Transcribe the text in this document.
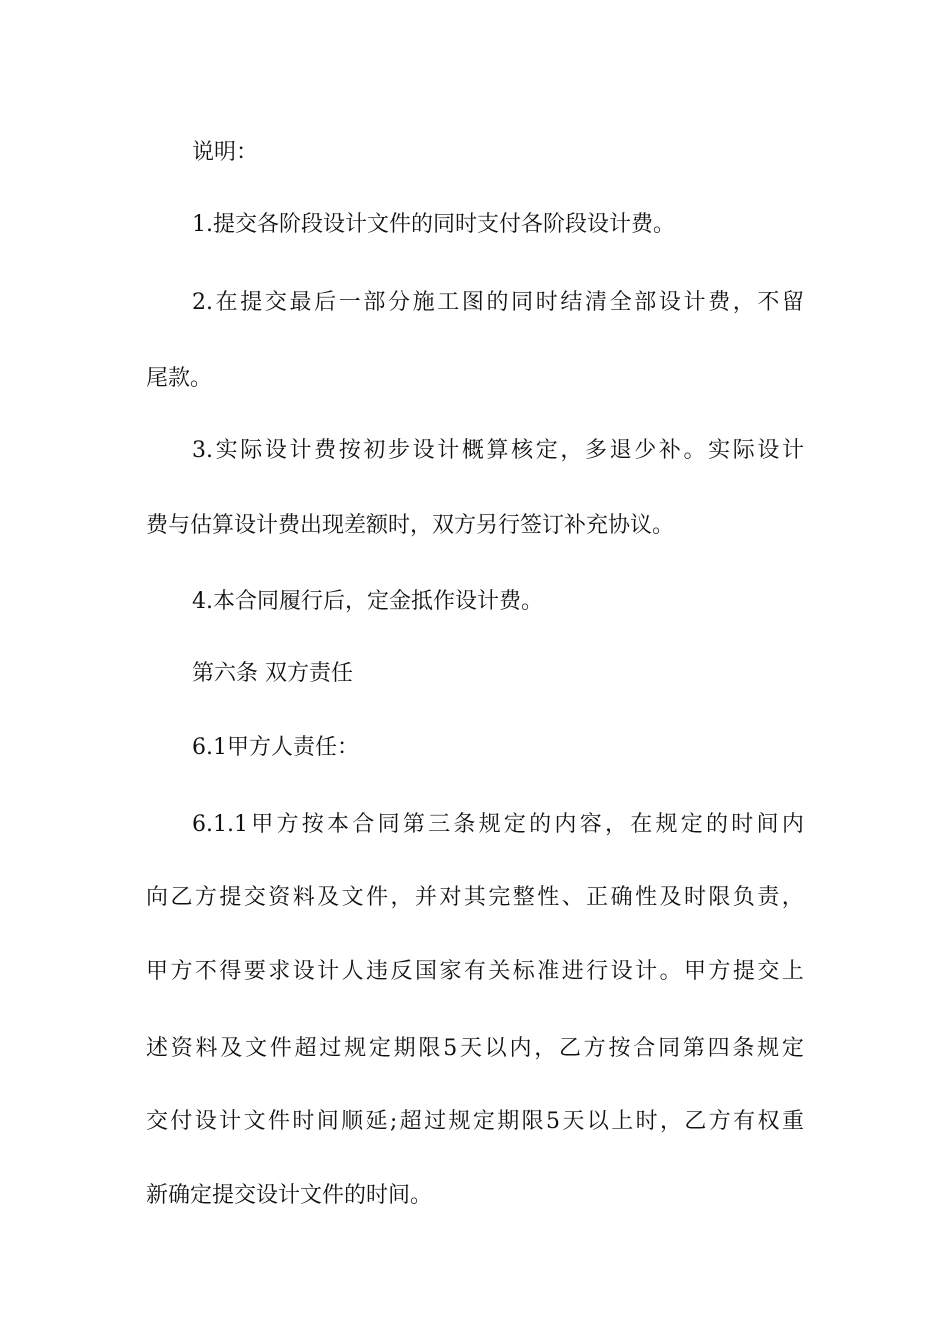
说明：
1.提交各阶段设计文件的同时支付各阶段设计费。
2. 在 提 交 最 后 一 部 分 施 工 图 的 同 时 结 清 全 部 设 计 费 ， 不 留
尾款。
3. 实 际 设 计 费 按 初 步 设 计 概 算 核 定 ， 多 退 少 补 。 实 际 设 计
费与估算设计费出现差额时，双方另行签订补充协议。
4.本合同履行后，定金抵作设计费。
第六条 双方责任
6.1甲方人责任：
6.1.1 甲 方 按 本 合 同 第 三 条 规 定 的 内 容 ， 在 规 定 的 时 间 内
向 乙 方 提 交 资 料 及 文 件 ， 并 对 其 完 整 性 、 正 确 性 及 时 限 负 责 ，
甲 方 不 得 要 求 设 计 人 违 反 国 家 有 关 标 准 进 行 设 计 。 甲 方 提 交 上
述 资 料 及 文 件 超 过 规 定 期 限 5 天 以 内 ， 乙 方 按 合 同 第 四 条 规 定
交 付 设 计 文 件 时 间 顺 延 ; 超 过 规 定 期 限 5 天 以 上 时 ， 乙 方 有 权 重
新确定提交设计文件的时间。
